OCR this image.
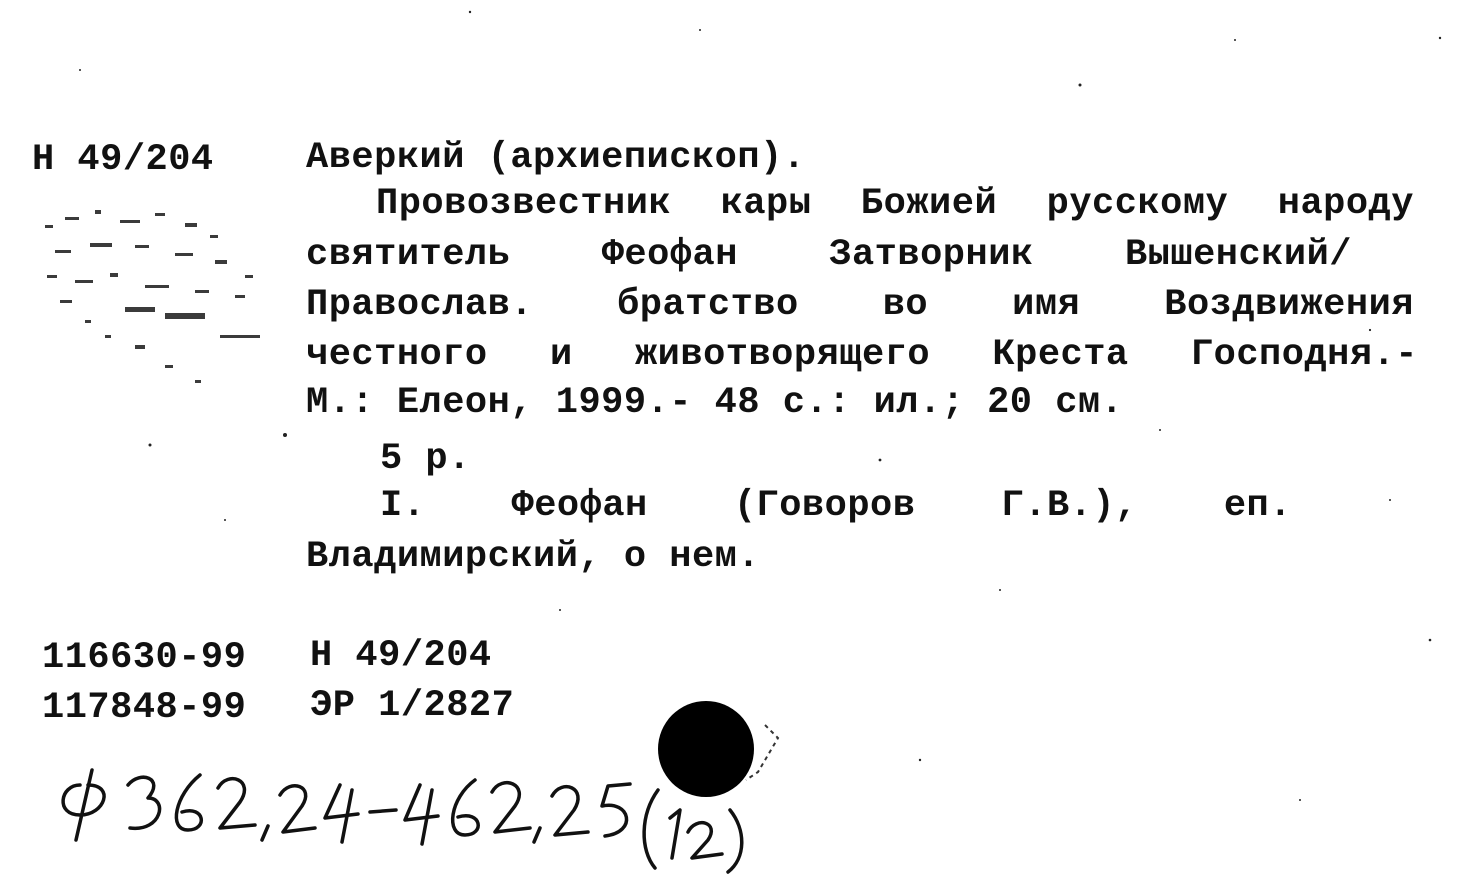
Н 49/204 Аверкий (архиепископ).
Провозвестник кары Божией русскому народу
святитель Феофан Затворник Вышенский/
Православ. братство во имя Воздвижения
честного и животворящего Креста Господня.-
М.: Елеон, 1999.- 48 с.: ил.; 20 см.
5 р.
I. Феофан (Говоров Г.В.), еп.
Владимирский, о нем.
116630-99 Н 49/204
117848-99 ЭР 1/2827
